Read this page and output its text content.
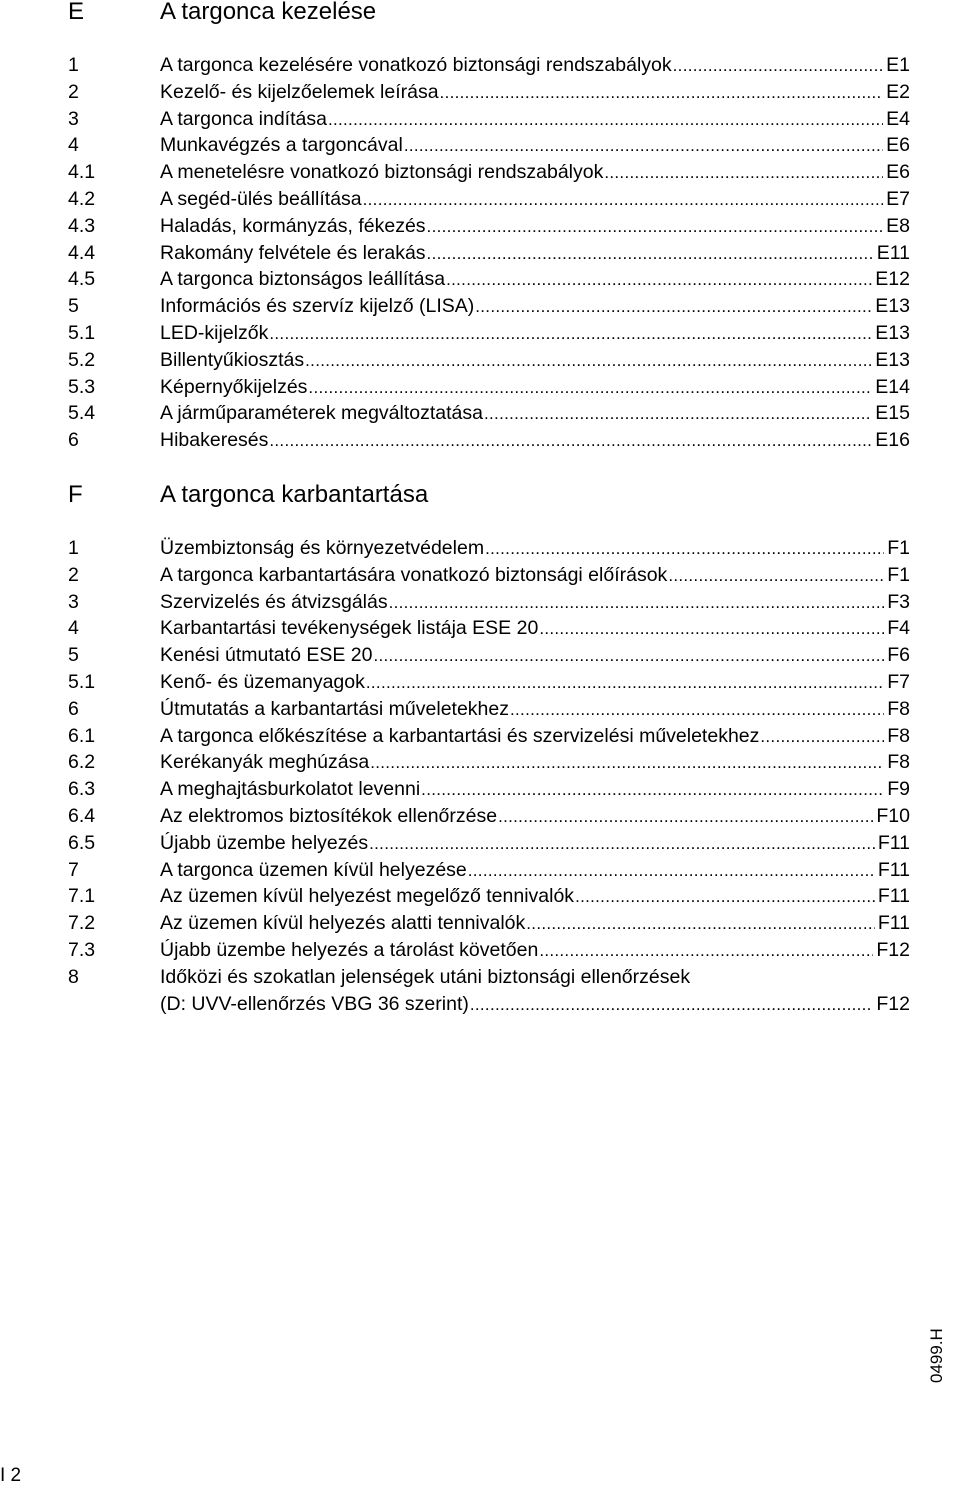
E	A targonca kezelése
1	A targonca kezelésére vonatkozó biztonsági rendszabályok .....	E1
2	Kezelő- és kijelzőelemek leírása .....	E2
3	A targonca indítása .....	E4
4	Munkavégzés a targoncával .....	E6
4.1	A menetelésre vonatkozó biztonsági rendszabályok .....	E6
4.2	A segéd-ülés beállítása .....	E7
4.3	Haladás, kormányzás, fékezés .....	E8
4.4	Rakomány felvétele és lerakás .....	E11
4.5	A targonca biztonságos leállítása .....	E12
5	Információs és szervíz kijelző (LISA) .....	E13
5.1	LED-kijelzők .....	E13
5.2	Billentyűkiosztás .....	E13
5.3	Képernyőkijelzés .....	E14
5.4	A járműparaméterek megváltoztatása .....	E15
6	Hibakeresés .....	E16
F	A targonca karbantartása
1	Üzembiztonság és környezetvédelem .....	F1
2	A targonca karbantartására vonatkozó biztonsági előírások .....	F1
3	Szervizelés és átvizsgálás .....	F3
4	Karbantartási tevékenységek listája ESE 20 .....	F4
5	Kenési útmutató ESE 20 .....	F6
5.1	Kenő- és üzemanyagok .....	F7
6	Útmutatás a karbantartási műveletekhez .....	F8
6.1	A targonca előkészítése a karbantartási és szervizelési műveletekhez .....	F8
6.2	Kerékanyák meghúzása .....	F8
6.3	A meghajtásburkolatot levenni .....	F9
6.4	Az elektromos biztosítékok ellenőrzése .....	F10
6.5	Újabb üzembe helyezés .....	F11
7	A targonca üzemen kívül helyezése .....	F11
7.1	Az üzemen kívül helyezést megelőző tennivalók .....	F11
7.2	Az üzemen kívül helyezés alatti tennivalók .....	F11
7.3	Újabb üzembe helyezés a tárolást követően .....	F12
8	Időközi és szokatlan jelenségek utáni biztonsági ellenőrzések
(D: UVV-ellenőrzés VBG 36 szerint) .....	F12
0499.H
I 2
